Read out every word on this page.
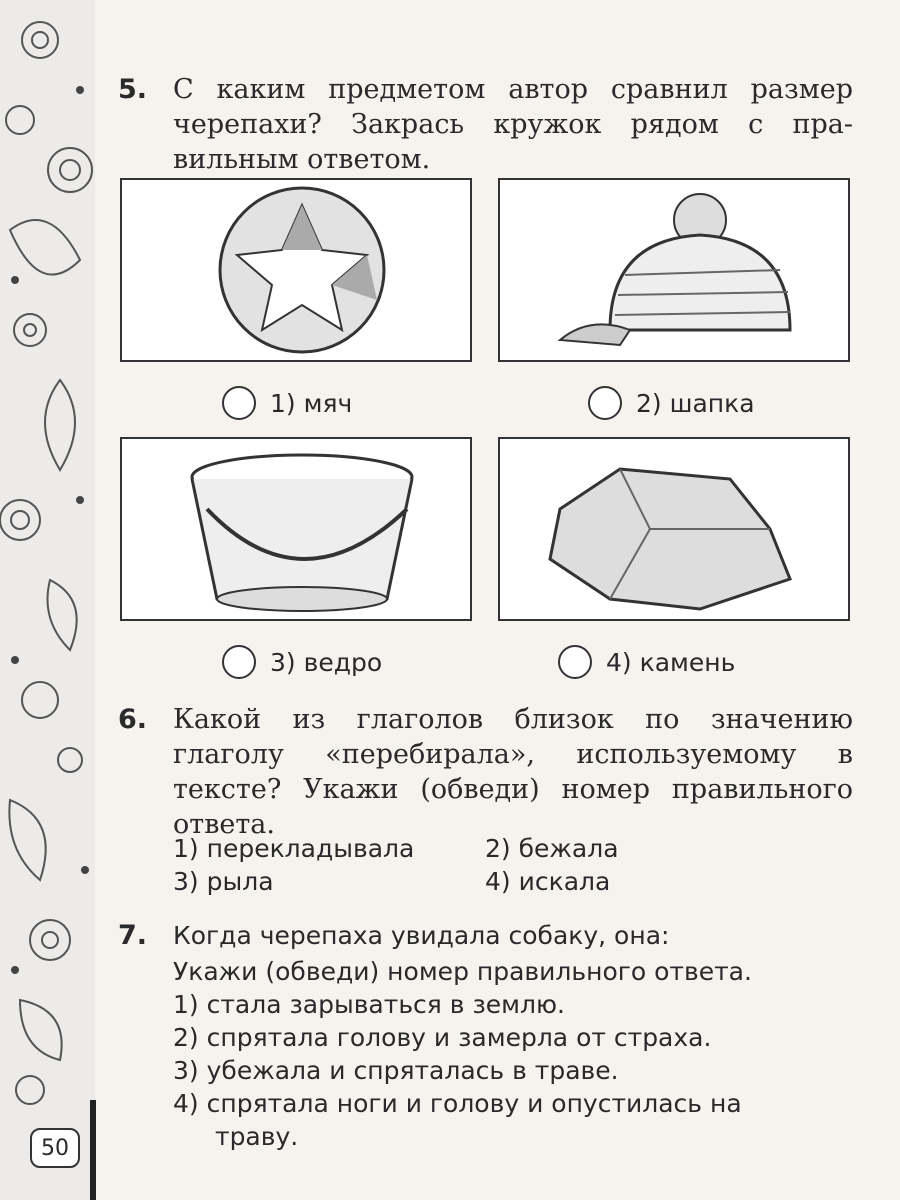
50
5. С каким предметом автор сравнил размер
черепахи? Закрась кружок рядом с пра-
вильным ответом.
1) мяч	2) шапка
3) ведро	4) камень
6. Какой из глаголов близок по значению
глаголу «перебирала», используемому в
тексте? Укажи (обведи) номер правильного
ответа.
1) перекладывала	2) бежала
3) рыла	4) искала
7. Когда черепаха увидала собаку, она:
Укажи (обведи) номер правильного ответа.
1) стала зарываться в землю.
2) спрятала голову и замерла от страха.
3) убежала и спряталась в траве.
4) спрятала ноги и голову и опустилась на
траву.
